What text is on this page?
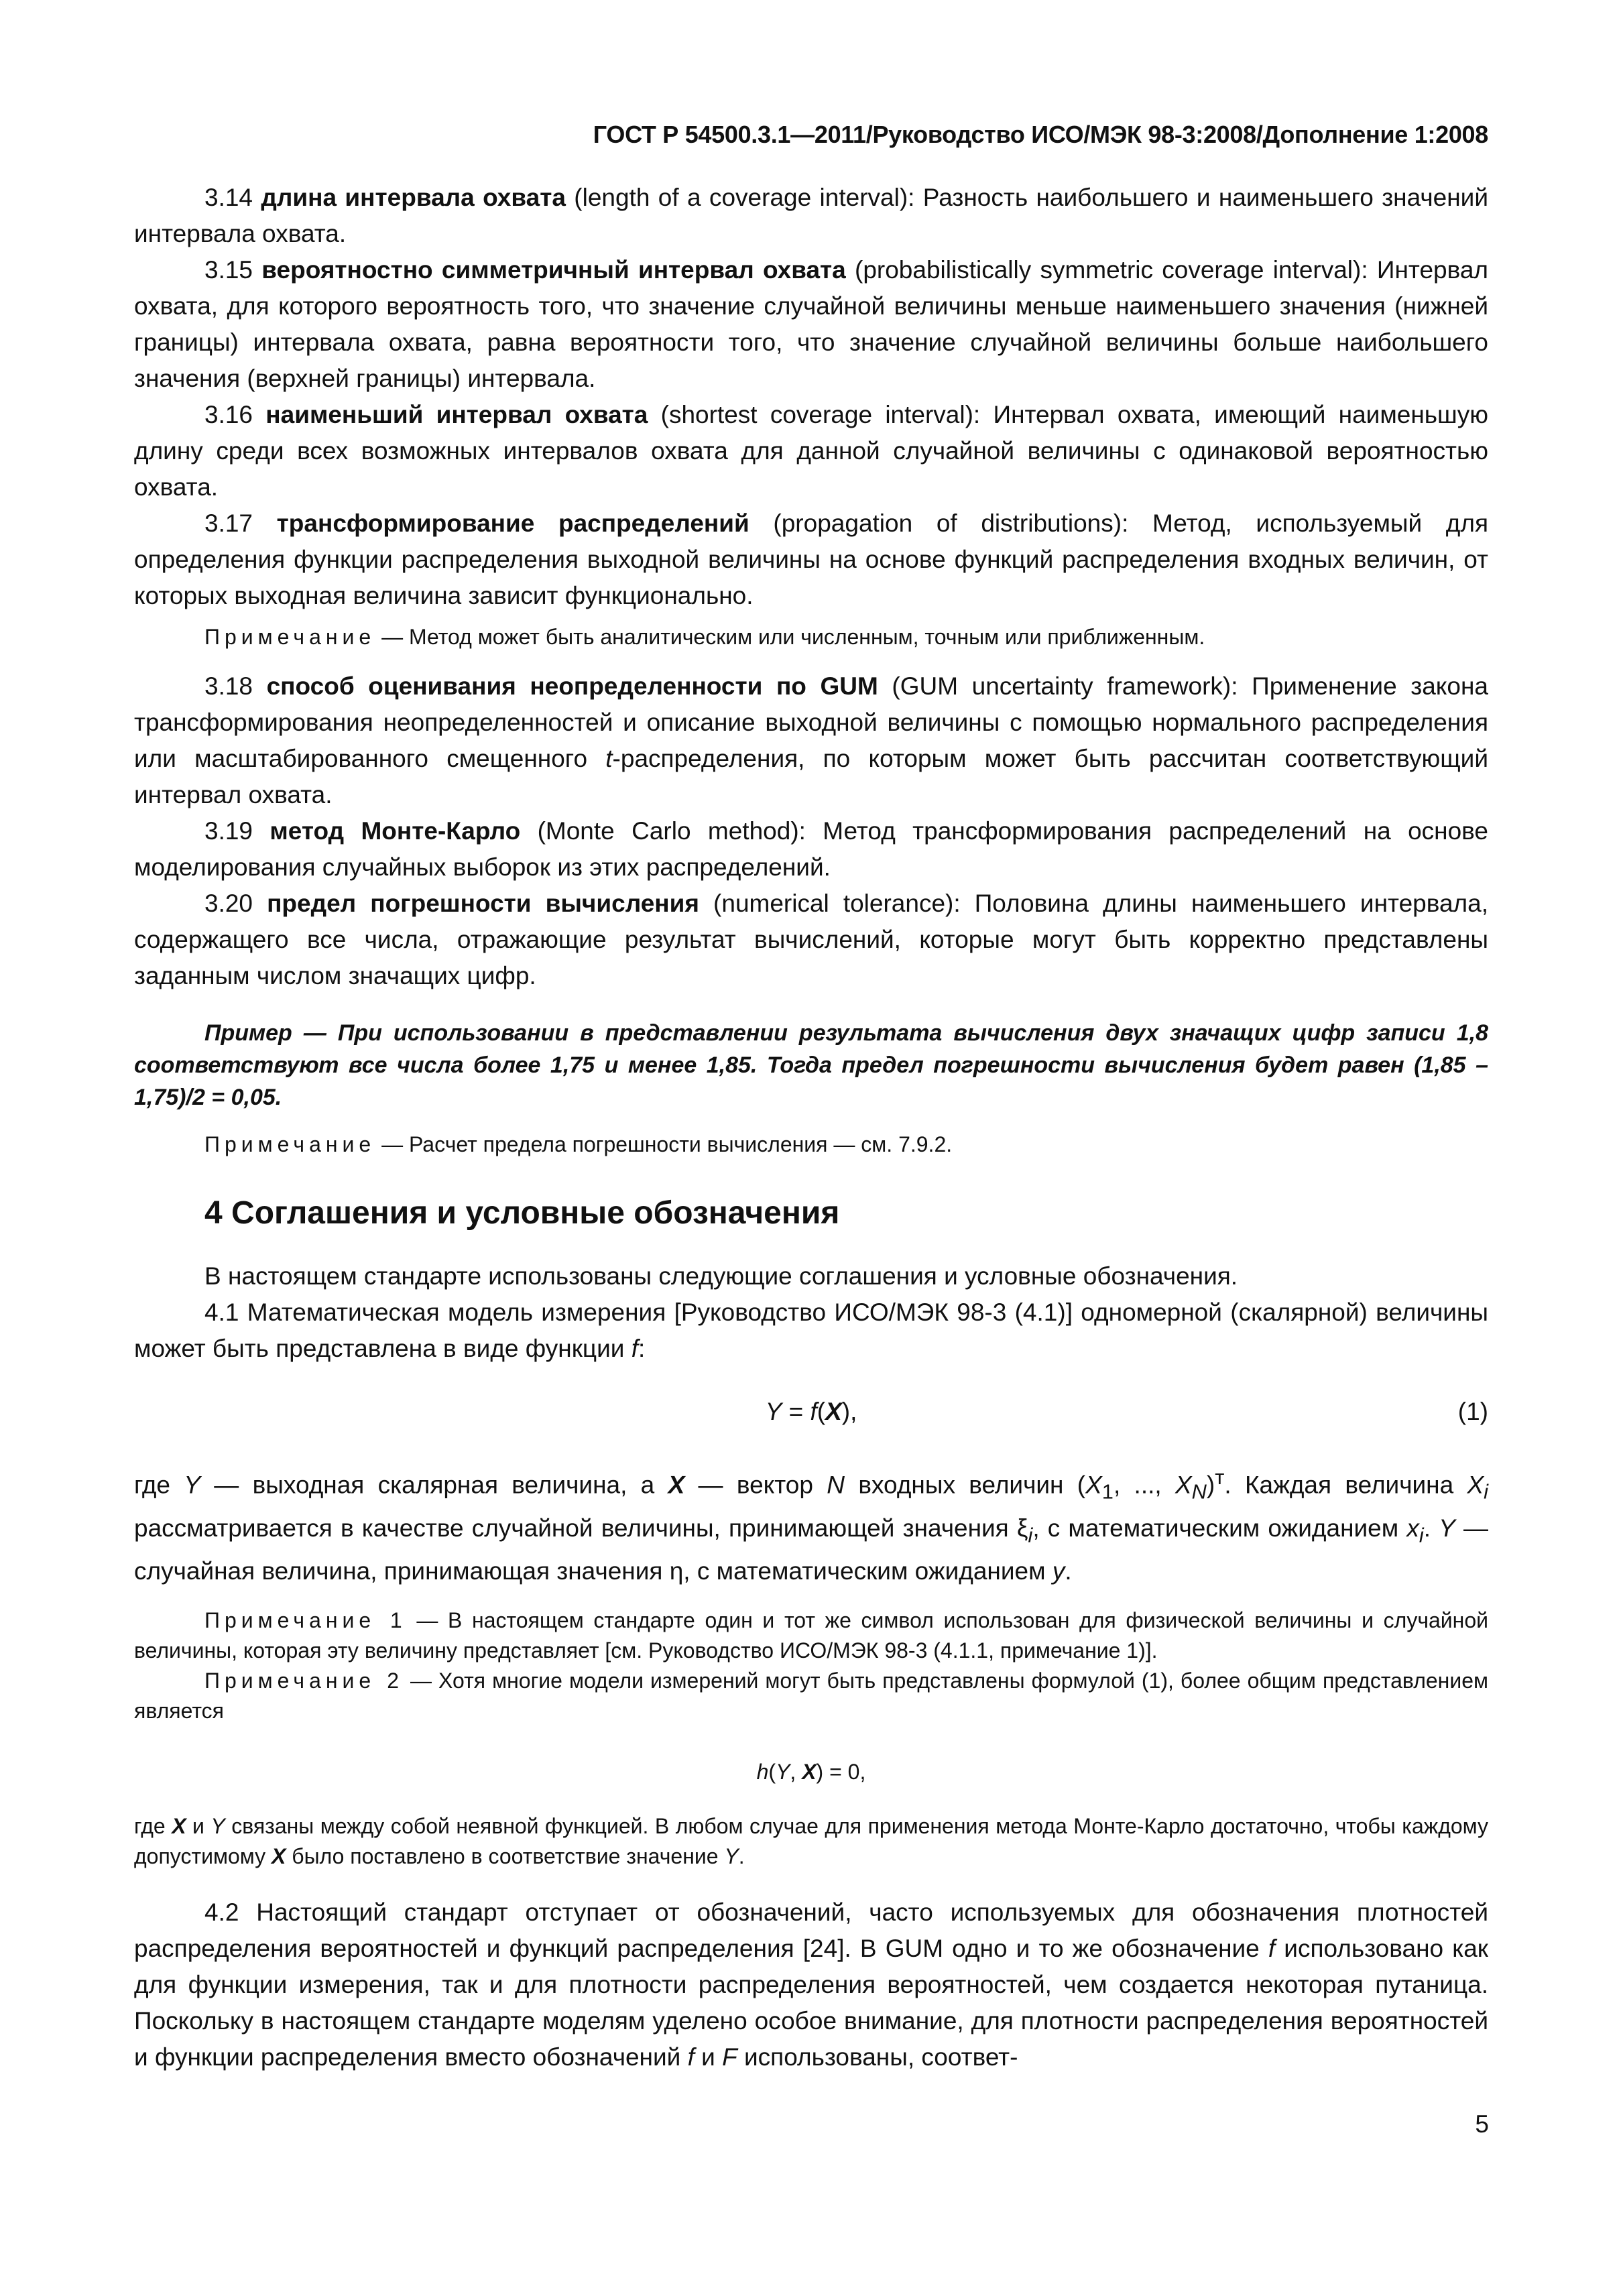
ГОСТ Р 54500.3.1—2011/Руководство ИСО/МЭК 98-3:2008/Дополнение 1:2008

3.14 длина интервала охвата (length of a coverage interval): Разность наибольшего и наименьшего значений интервала охвата.

3.15 вероятностно симметричный интервал охвата (probabilistically symmetric coverage interval): Интервал охвата, для которого вероятность того, что значение случайной величины меньше наименьшего значения (нижней границы) интервала охвата, равна вероятности того, что значение случайной величины больше наибольшего значения (верхней границы) интервала.

3.16 наименьший интервал охвата (shortest coverage interval): Интервал охвата, имеющий наименьшую длину среди всех возможных интервалов охвата для данной случайной величины с одинаковой вероятностью охвата.

3.17 трансформирование распределений (propagation of distributions): Метод, используемый для определения функции распределения выходной величины на основе функций распределения входных величин, от которых выходная величина зависит функционально.

Примечание — Метод может быть аналитическим или численным, точным или приближенным.

3.18 способ оценивания неопределенности по GUM (GUM uncertainty framework): Применение закона трансформирования неопределенностей и описание выходной величины с помощью нормального распределения или масштабированного смещенного t-распределения, по которым может быть рассчитан соответствующий интервал охвата.

3.19 метод Монте-Карло (Monte Carlo method): Метод трансформирования распределений на основе моделирования случайных выборок из этих распределений.

3.20 предел погрешности вычисления (numerical tolerance): Половина длины наименьшего интервала, содержащего все числа, отражающие результат вычислений, которые могут быть корректно представлены заданным числом значащих цифр.

Пример — При использовании в представлении результата вычисления двух значащих цифр записи 1,8 соответствуют все числа более 1,75 и менее 1,85. Тогда предел погрешности вычисления будет равен (1,85 – 1,75)/2 = 0,05.

Примечание — Расчет предела погрешности вычисления — см. 7.9.2.

4 Соглашения и условные обозначения

В настоящем стандарте использованы следующие соглашения и условные обозначения.

4.1 Математическая модель измерения [Руководство ИСО/МЭК 98-3 (4.1)] одномерной (скалярной) величины может быть представлена в виде функции f:

Y = f(X),	(1)

где Y — выходная скалярная величина, а X — вектор N входных величин ($X_1$, ..., $X_N)^т$. Каждая величина $X_i$ рассматривается в качестве случайной величины, принимающей значения $\xi_i$, с математическим ожиданием $x_i$. Y — случайная величина, принимающая значения η, с математическим ожиданием y.

Примечание 1 — В настоящем стандарте один и тот же символ использован для физической величины и случайной величины, которая эту величину представляет [см. Руководство ИСО/МЭК 98-3 (4.1.1, примечание 1)].

Примечание 2 — Хотя многие модели измерений могут быть представлены формулой (1), более общим представлением является

h(Y, X) = 0,

где X и Y связаны между собой неявной функцией. В любом случае для применения метода Монте-Карло достаточно, чтобы каждому допустимому X было поставлено в соответствие значение Y.

4.2 Настоящий стандарт отступает от обозначений, часто используемых для обозначения плотностей распределения вероятностей и функций распределения [24]. В GUM одно и то же обозначение f использовано как для функции измерения, так и для плотности распределения вероятностей, чем создается некоторая путаница. Поскольку в настоящем стандарте моделям уделено особое внимание, для плотности распределения вероятностей и функции распределения вместо обозначений f и F использованы, соответ-

5
